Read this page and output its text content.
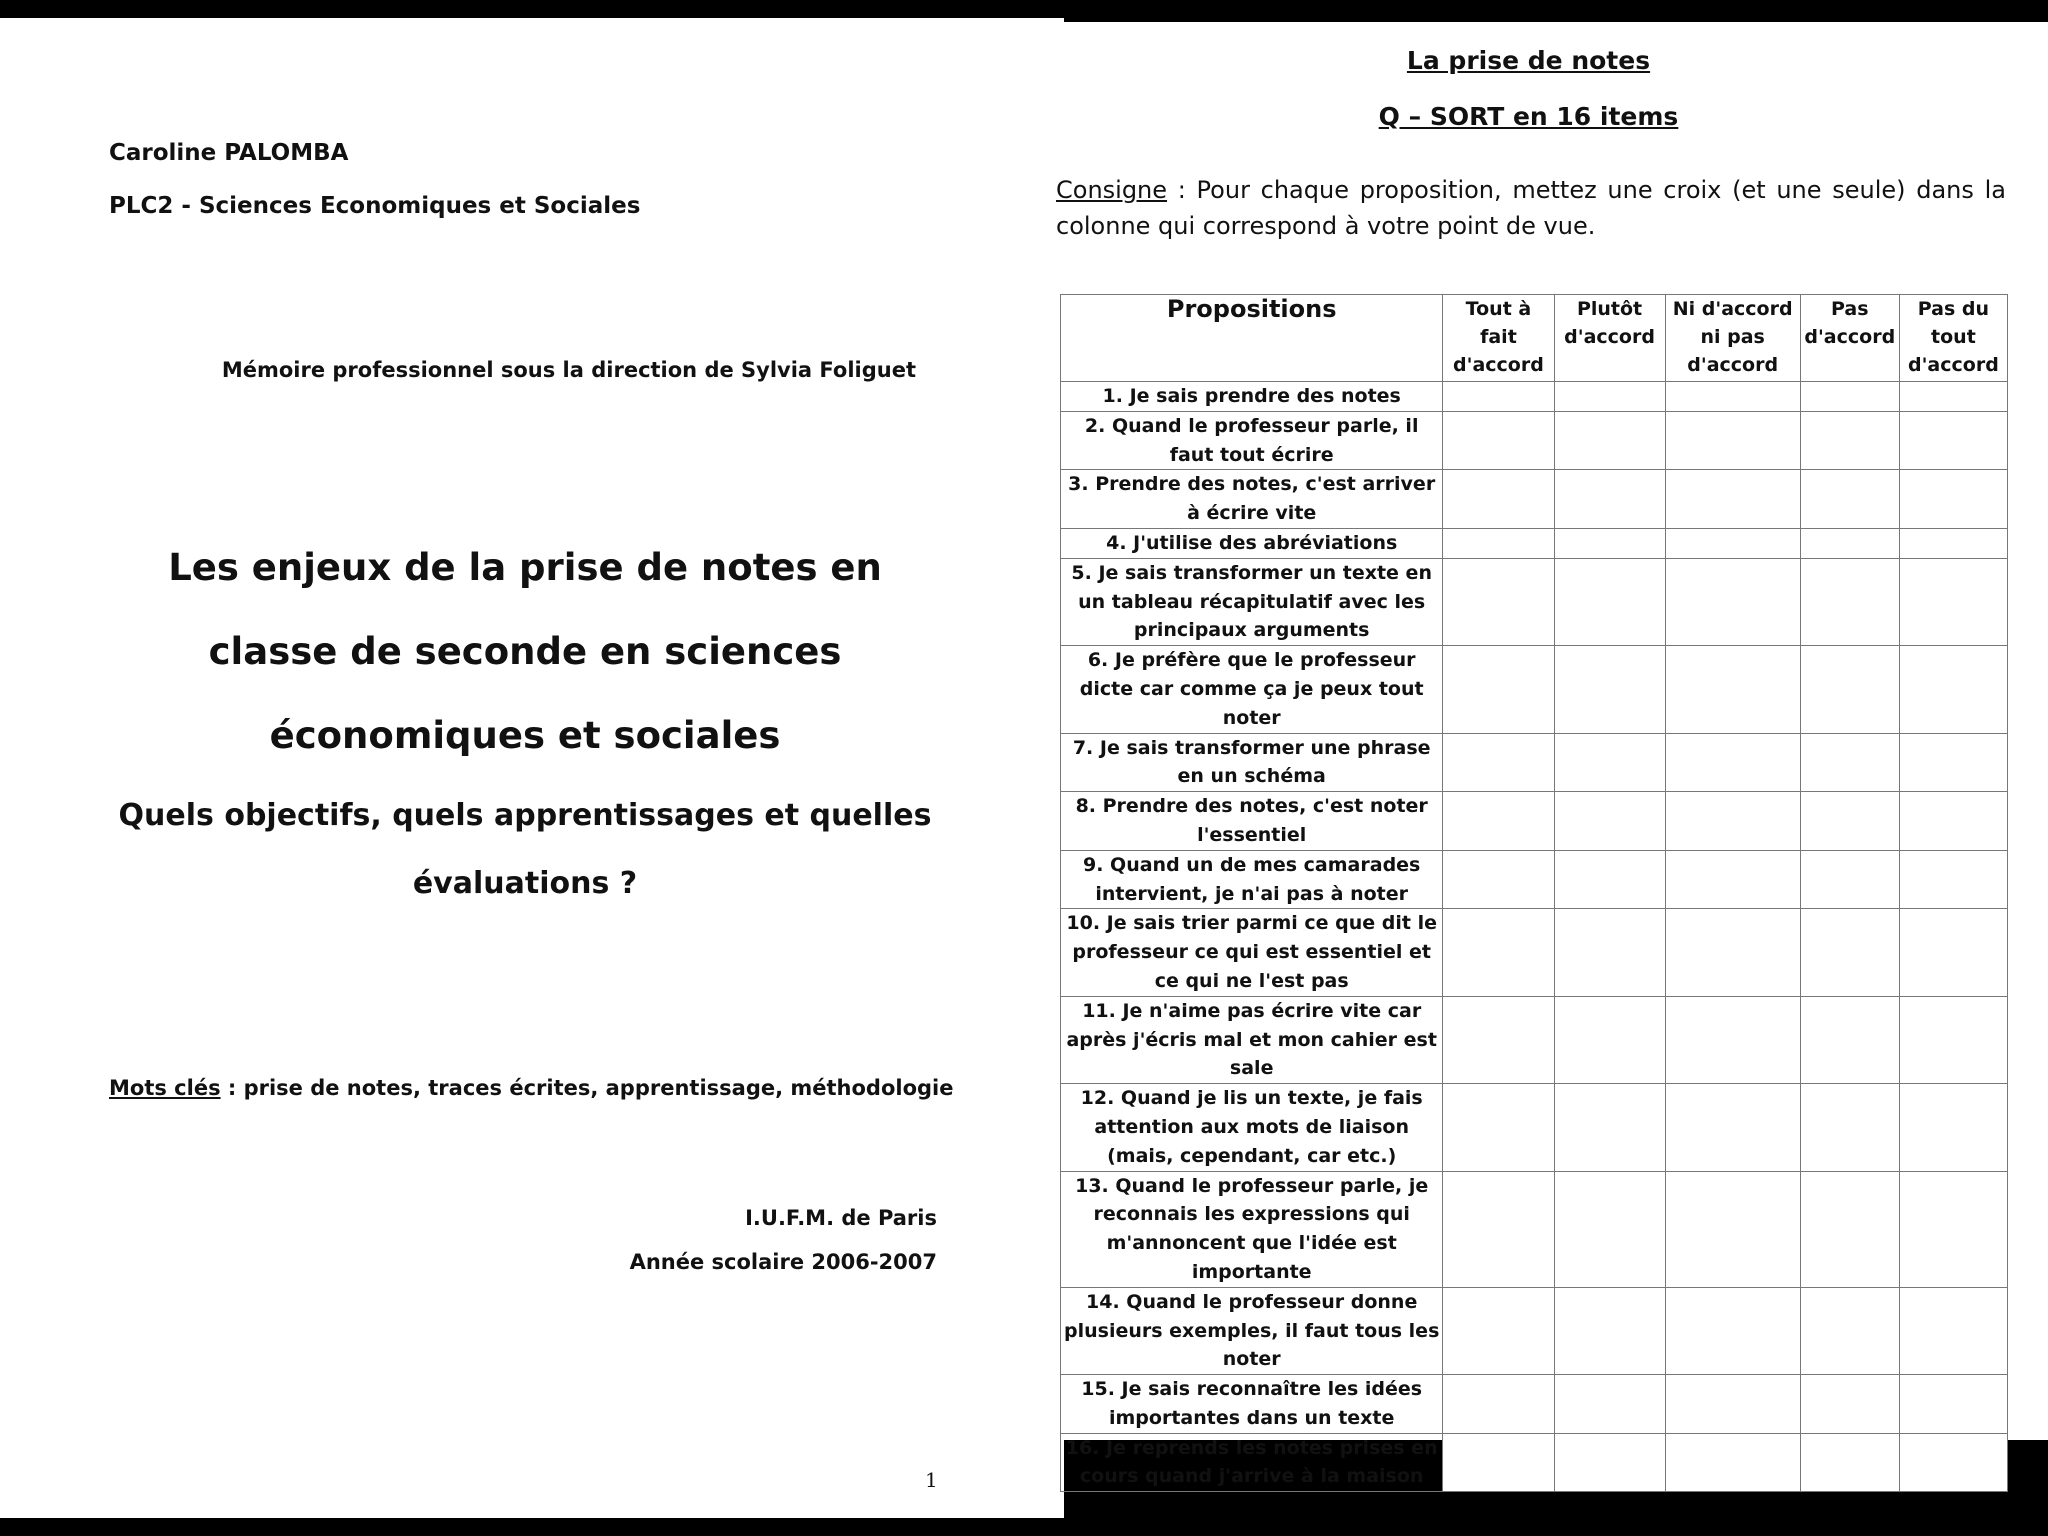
Caroline PALOMBA
PLC2 - Sciences Economiques et Sociales
Mémoire professionnel sous la direction de Sylvia Foliguet
Les enjeux de la prise de notes en classe de seconde en sciences économiques et sociales
Quels objectifs, quels apprentissages et quelles évaluations ?
Mots clés : prise de notes, traces écrites, apprentissage, méthodologie
I.U.F.M. de Paris
Année scolaire 2006-2007
1
La prise de notes
Q – SORT en 16 items
Consigne : Pour chaque proposition, mettez une croix (et une seule) dans la colonne qui correspond à votre point de vue.
Propositions	Tout à fait d'accord	Plutôt d'accord	Ni d'accord ni pas d'accord	Pas d'accord	Pas du tout d'accord
1. Je sais prendre des notes					
2. Quand le professeur parle, il faut tout écrire					
3. Prendre des notes, c'est arriver à écrire vite					
4. J'utilise des abréviations					
5. Je sais transformer un texte en un tableau récapitulatif avec les principaux arguments					
6. Je préfère que le professeur dicte car comme ça je peux tout noter					
7. Je sais transformer une phrase en un schéma					
8. Prendre des notes, c'est noter l'essentiel					
9. Quand un de mes camarades intervient, je n'ai pas à noter					
10. Je sais trier parmi ce que dit le professeur ce qui est essentiel et ce qui ne l'est pas					
11. Je n'aime pas écrire vite car après j'écris mal et mon cahier est sale					
12. Quand je lis un texte, je fais attention aux mots de liaison (mais, cependant, car etc.)					
13. Quand le professeur parle, je reconnais les expressions qui m'annoncent que l'idée est importante					
14. Quand le professeur donne plusieurs exemples, il faut tous les noter					
15. Je sais reconnaître les idées importantes dans un texte					
16. Je reprends les notes prises en cours quand j'arrive à la maison					
